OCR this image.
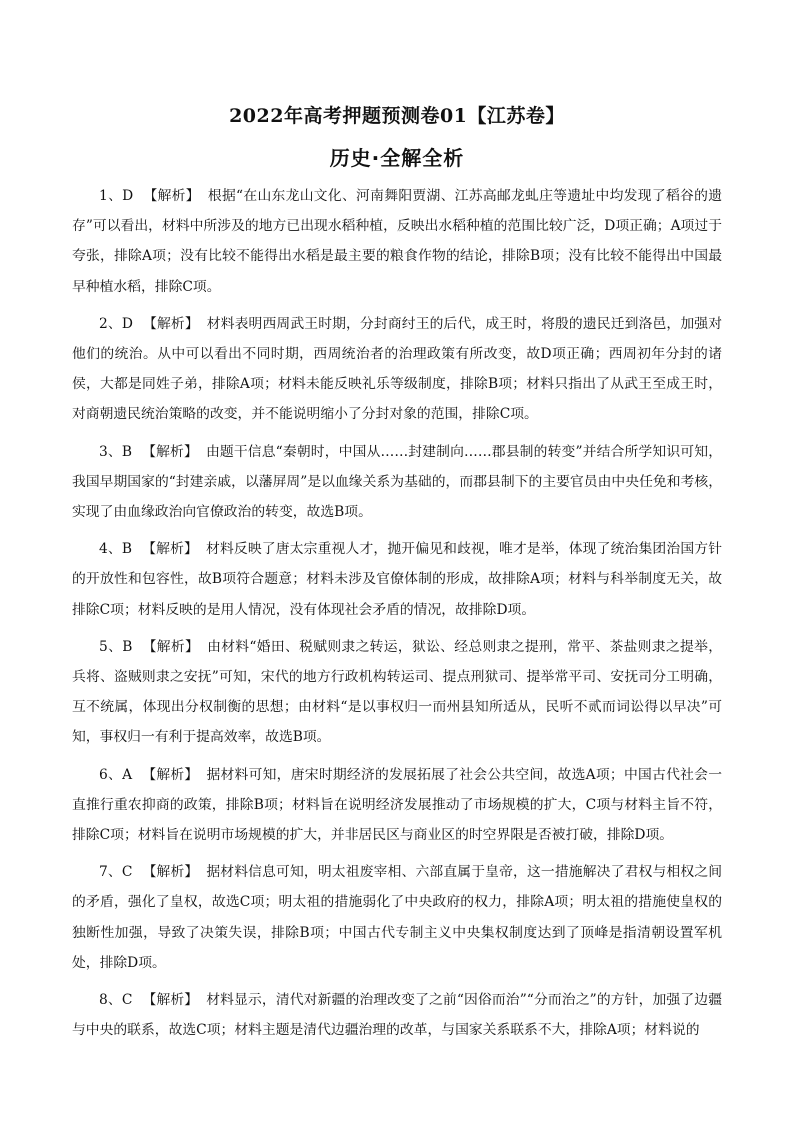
2022年高考押题预测卷01【江苏卷】
历史·全解全析

1、D 【解析】 根据“在山东龙山文化、河南舞阳贾湖、江苏高邮龙虬庄等遗址中均发现了稻谷的遗存”可以看出，材料中所涉及的地方已出现水稻种植，反映出水稻种植的范围比较广泛，D项正确；A项过于夸张，排除A项；没有比较不能得出水稻是最主要的粮食作物的结论，排除B项；没有比较不能得出中国最早种植水稻，排除C项。

2、D 【解析】 材料表明西周武王时期，分封商纣王的后代，成王时，将殷的遗民迁到洛邑，加强对他们的统治。从中可以看出不同时期，西周统治者的治理政策有所改变，故D项正确；西周初年分封的诸侯，大都是同姓子弟，排除A项；材料未能反映礼乐等级制度，排除B项；材料只指出了从武王至成王时，对商朝遗民统治策略的改变，并不能说明缩小了分封对象的范围，排除C项。

3、B 【解析】 由题干信息“秦朝时，中国从……封建制向……郡县制的转变”并结合所学知识可知，我国早期国家的“封建亲戚，以藩屏周”是以血缘关系为基础的，而郡县制下的主要官员由中央任免和考核，实现了由血缘政治向官僚政治的转变，故选B项。

4、B 【解析】 材料反映了唐太宗重视人才，抛开偏见和歧视，唯才是举，体现了统治集团治国方针的开放性和包容性，故B项符合题意；材料未涉及官僚体制的形成，故排除A项；材料与科举制度无关，故排除C项；材料反映的是用人情况，没有体现社会矛盾的情况，故排除D项。

5、B 【解析】 由材料“婚田、税赋则隶之转运，狱讼、经总则隶之提刑，常平、茶盐则隶之提举，兵将、盗贼则隶之安抚”可知，宋代的地方行政机构转运司、提点刑狱司、提举常平司、安抚司分工明确，互不统属，体现出分权制衡的思想；由材料“是以事权归一而州县知所适从，民听不贰而词讼得以早决”可知，事权归一有利于提高效率，故选B项。

6、A 【解析】 据材料可知，唐宋时期经济的发展拓展了社会公共空间，故选A项；中国古代社会一直推行重农抑商的政策，排除B项；材料旨在说明经济发展推动了市场规模的扩大，C项与材料主旨不符，排除C项；材料旨在说明市场规模的扩大，并非居民区与商业区的时空界限是否被打破，排除D项。

7、C 【解析】 据材料信息可知，明太祖废宰相、六部直属于皇帝，这一措施解决了君权与相权之间的矛盾，强化了皇权，故选C项；明太祖的措施弱化了中央政府的权力，排除A项；明太祖的措施使皇权的独断性加强，导致了决策失误，排除B项；中国古代专制主义中央集权制度达到了顶峰是指清朝设置军机处，排除D项。

8、C 【解析】 材料显示，清代对新疆的治理改变了之前“因俗而治”“分而治之”的方针，加强了边疆与中央的联系，故选C项；材料主题是清代边疆治理的改革，与国家关系联系不大，排除A项；材料说的
